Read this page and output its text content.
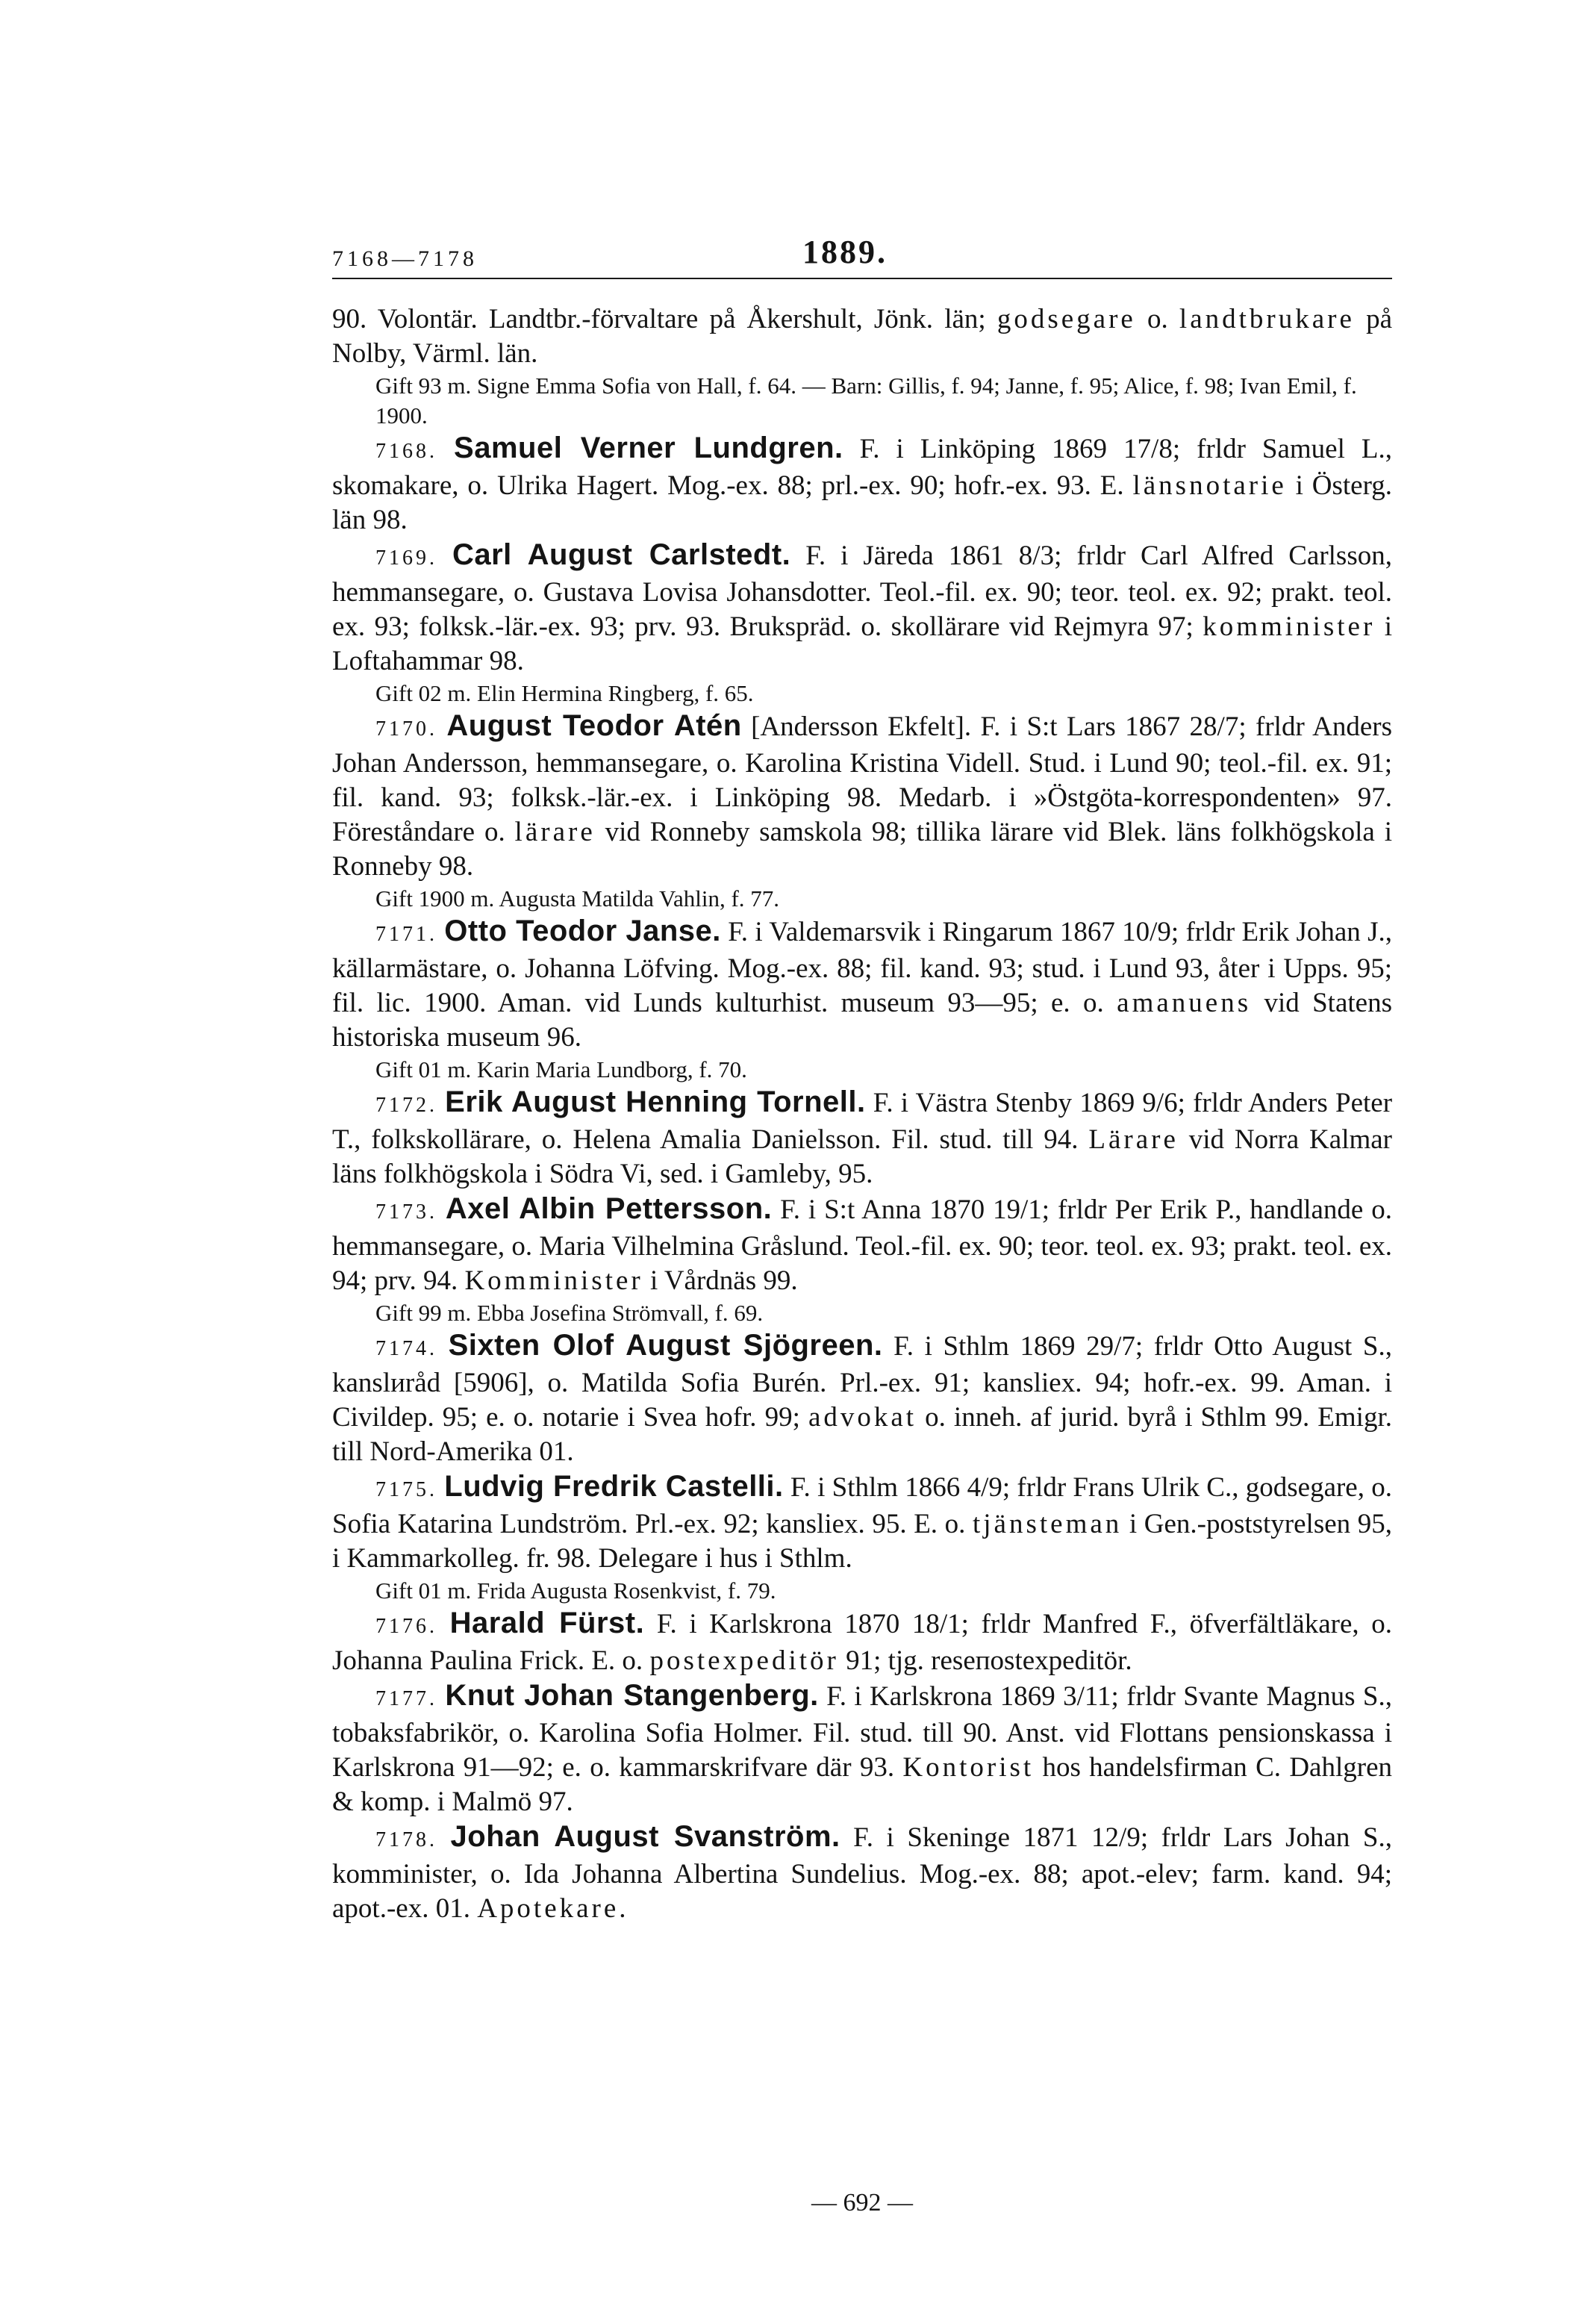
7168—7178	1889.

90. Volontär. Landtbr.-förvaltare på Åkershult, Jönk. län; godsegare o. landtbrukare på Nolby, Värml. län.

Gift 93 m. Signe Emma Sofia von Hall, f. 64. — Barn: Gillis, f. 94; Janne, f. 95; Alice, f. 98; Ivan Emil, f. 1900.

7168. Samuel Verner Lundgren. F. i Linköping 1869 17/8; frldr Samuel L., skomakare, o. Ulrika Hagert. Mog.-ex. 88; prl.-ex. 90; hofr.-ex. 93. E. länsnotarie i Österg. län 98.

7169. Carl August Carlstedt. F. i Järeda 1861 8/3; frldr Carl Alfred Carlsson, hemmansegare, o. Gustava Lovisa Johansdotter. Teol.-fil. ex. 90; teor. teol. ex. 92; prakt. teol. ex. 93; folksk.-lär.-ex. 93; prv. 93. Brukspräd. o. skollärare vid Rejmyra 97; komminister i Loftahammar 98.

Gift 02 m. Elin Hermina Ringberg, f. 65.

7170. August Teodor Atén [Andersson Ekfelt]. F. i S:t Lars 1867 28/7; frldr Anders Johan Andersson, hemmansegare, o. Karolina Kristina Videll. Stud. i Lund 90; teol.-fil. ex. 91; fil. kand. 93; folksk.-lär.-ex. i Linköping 98. Medarb. i »Östgöta-korrespondenten» 97. Föreståndare o. lärare vid Ronneby samskola 98; tillika lärare vid Blek. läns folkhögskola i Ronneby 98.

Gift 1900 m. Augusta Matilda Vahlin, f. 77.

7171. Otto Teodor Janse. F. i Valdemarsvik i Ringarum 1867 10/9; frldr Erik Johan J., källarmästare, o. Johanna Löfving. Mog.-ex. 88; fil. kand. 93; stud. i Lund 93, åter i Upps. 95; fil. lic. 1900. Aman. vid Lunds kulturhist. museum 93—95; e. o. amanuens vid Statens historiska museum 96.

Gift 01 m. Karin Maria Lundborg, f. 70.

7172. Erik August Henning Tornell. F. i Västra Stenby 1869 9/6; frldr Anders Peter T., folkskollärare, o. Helena Amalia Danielsson. Fil. stud. till 94. Lärare vid Norra Kalmar läns folkhögskola i Södra Vi, sed. i Gamleby, 95.

7173. Axel Albin Pettersson. F. i S:t Anna 1870 19/1; frldr Per Erik P., handlande o. hemmansegare, o. Maria Vilhelmina Gråslund. Teol.-fil. ex. 90; teor. teol. ex. 93; prakt. teol. ex. 94; prv. 94. Komminister i Vårdnäs 99.

Gift 99 m. Ebba Josefina Strömvall, f. 69.

7174. Sixten Olof August Sjögreen. F. i Sthlm 1869 29/7; frldr Otto August S., kanslиråd [5906], o. Matilda Sofia Burén. Prl.-ex. 91; kansliex. 94; hofr.-ex. 99. Aman. i Civildep. 95; e. o. notarie i Svea hofr. 99; advokat o. inneh. af jurid. byrå i Sthlm 99. Emigr. till Nord-Amerika 01.

7175. Ludvig Fredrik Castelli. F. i Sthlm 1866 4/9; frldr Frans Ulrik C., godsegare, o. Sofia Katarina Lundström. Prl.-ex. 92; kansliex. 95. E. o. tjänsteman i Gen.-poststyrelsen 95, i Kammarkolleg. fr. 98. Delegare i hus i Sthlm.

Gift 01 m. Frida Augusta Rosenkvist, f. 79.

7176. Harald Fürst. F. i Karlskrona 1870 18/1; frldr Manfred F., öfverfältläkare, o. Johanna Paulina Frick. E. o. postexpeditör 91; tjg. reseпostexpeditör.

7177. Knut Johan Stangenberg. F. i Karlskrona 1869 3/11; frldr Svante Magnus S., tobaksfabrikör, o. Karolina Sofia Holmer. Fil. stud. till 90. Anst. vid Flottans pensionskassa i Karlskrona 91—92; e. o. kammarskrifvare där 93. Kontorist hos handelsfirman C. Dahlgren & komp. i Malmö 97.

7178. Johan August Svanström. F. i Skeninge 1871 12/9; frldr Lars Johan S., komminister, o. Ida Johanna Albertina Sundelius. Mog.-ex. 88; apot.-elev; farm. kand. 94; apot.-ex. 01. Apotekare.

— 692 —
